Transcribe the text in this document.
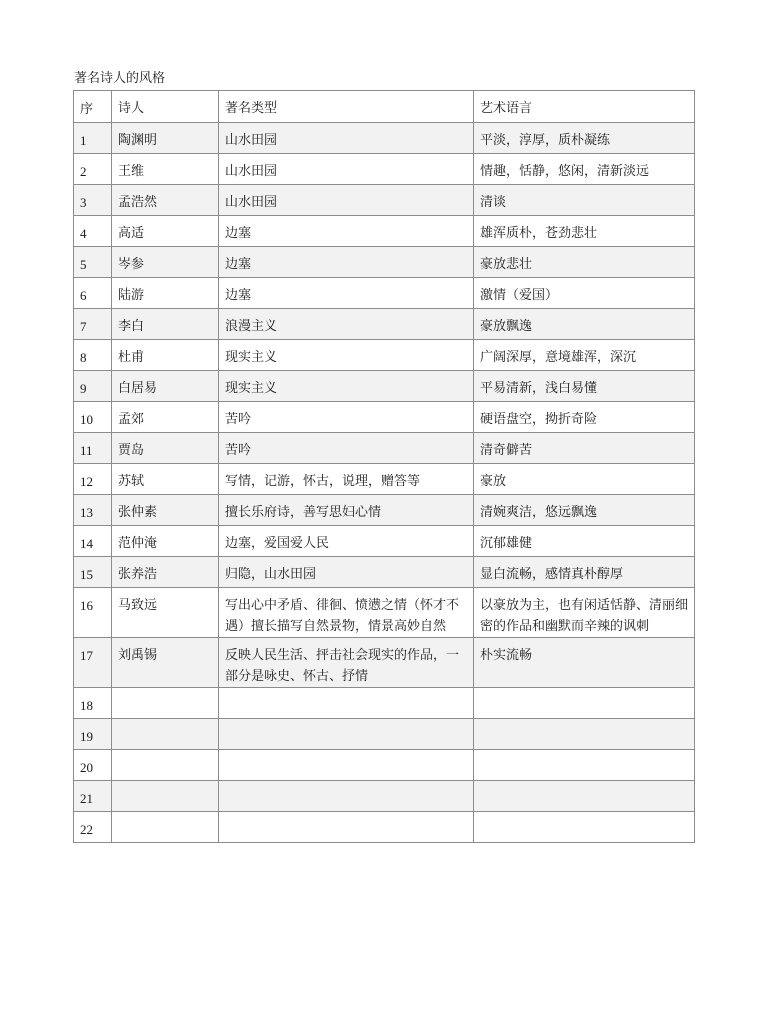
著名诗人的风格
序	诗人	著名类型	艺术语言
1	陶渊明	山水田园	平淡，淳厚，质朴凝练
2	王维	山水田园	情趣，恬静，悠闲，清新淡远
3	孟浩然	山水田园	清谈
4	高适	边塞	雄浑质朴，苍劲悲壮
5	岑参	边塞	豪放悲壮
6	陆游	边塞	激情（爱国）
7	李白	浪漫主义	豪放飘逸
8	杜甫	现实主义	广阔深厚，意境雄浑，深沉
9	白居易	现实主义	平易清新，浅白易懂
10	孟郊	苦吟	硬语盘空，拗折奇险
11	贾岛	苦吟	清奇僻苦
12	苏轼	写情，记游，怀古，说理，赠答等	豪放
13	张仲素	擅长乐府诗，善写思妇心情	清婉爽洁，悠远飘逸
14	范仲淹	边塞，爱国爱人民	沉郁雄健
15	张养浩	归隐，山水田园	显白流畅，感情真朴醇厚
16	马致远	写出心中矛盾、徘徊、愤懑之情（怀才不遇）擅长描写自然景物，情景高妙自然	以豪放为主，也有闲适恬静、清丽细密的作品和幽默而辛辣的讽刺
17	刘禹锡	反映人民生活、抨击社会现实的作品，一部分是咏史、怀古、抒情	朴实流畅
18			
19			
20			
21			
22			
